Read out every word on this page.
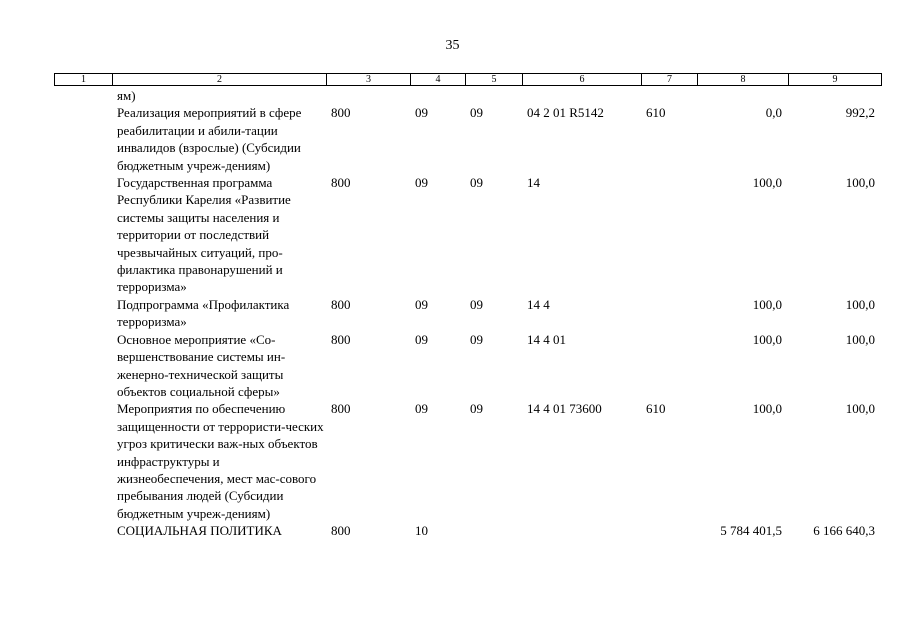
35
1	2	3	4	5	6	7	8	9
	ям)							
	Реализация мероприятий в сфере реабилитации и абили-тации инвалидов (взрослые) (Субсидии бюджетным учреж-дениям)	800	09	09	04 2 01 R5142	610	0,0	992,2
	Государственная программа Республики Карелия «Развитие системы защиты населения и территории от последствий чрезвычайных ситуаций, про-филактика правонарушений и терроризма»	800	09	09	14		100,0	100,0
	Подпрограмма «Профилактика терроризма»	800	09	09	14 4		100,0	100,0
	Основное мероприятие «Со-вершенствование системы ин-женерно-технической защиты объектов социальной сферы»	800	09	09	14 4 01		100,0	100,0
	Мероприятия по обеспечению защищенности от террористи-ческих угроз критически важ-ных объектов инфраструктуры и жизнеобеспечения, мест мас-сового пребывания людей (Субсидии бюджетным учреж-дениям)	800	09	09	14 4 01 73600	610	100,0	100,0
	СОЦИАЛЬНАЯ ПОЛИТИКА	800	10				5 784 401,5	6 166 640,3
